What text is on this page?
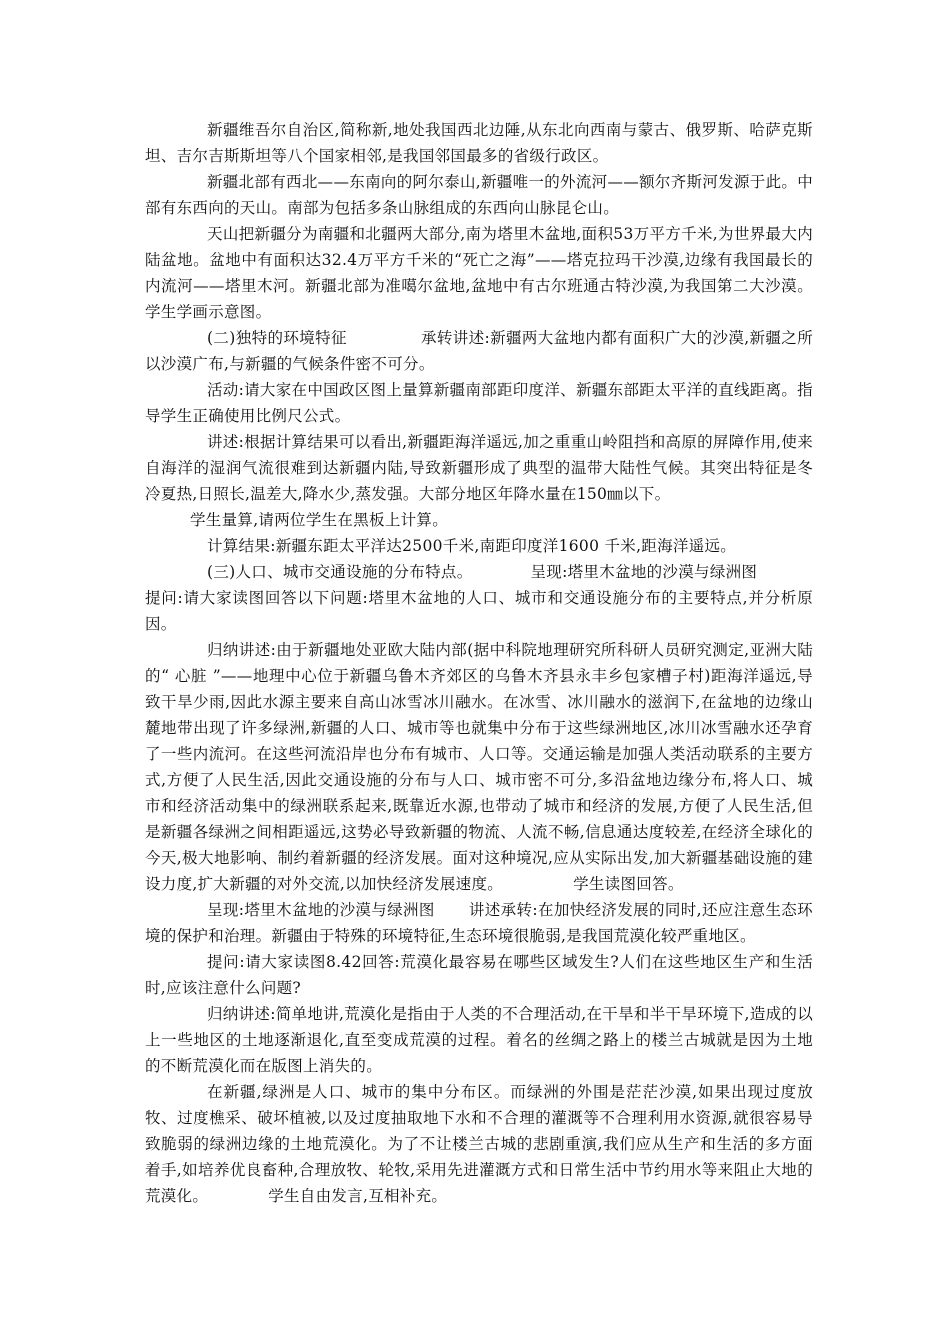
新疆维吾尔自治区,简称新,地处我国西北边陲,从东北向西南与蒙古、俄罗斯、哈萨克斯坦、吉尔吉斯斯坦等八个国家相邻,是我国邻国最多的省级行政区。

新疆北部有西北——东南向的阿尔泰山,新疆唯一的外流河——额尔齐斯河发源于此。中部有东西向的天山。南部为包括多条山脉组成的东西向山脉昆仑山。

天山把新疆分为南疆和北疆两大部分,南为塔里木盆地,面积53万平方千米,为世界最大内陆盆地。盆地中有面积达32.4万平方千米的“死亡之海”——塔克拉玛干沙漠,边缘有我国最长的内流河——塔里木河。新疆北部为准噶尔盆地,盆地中有古尔班通古特沙漠,为我国第二大沙漠。学生学画示意图。

(二)独特的环境特征	承转讲述:新疆两大盆地内都有面积广大的沙漠,新疆之所以沙漠广布,与新疆的气候条件密不可分。

活动:请大家在中国政区图上量算新疆南部距印度洋、新疆东部距太平洋的直线距离。指导学生正确使用比例尺公式。

讲述:根据计算结果可以看出,新疆距海洋遥远,加之重重山岭阻挡和高原的屏障作用,使来自海洋的湿润气流很难到达新疆内陆,导致新疆形成了典型的温带大陆性气候。其突出特征是冬冷夏热,日照长,温差大,降水少,蒸发强。大部分地区年降水量在150㎜以下。

学生量算,请两位学生在黑板上计算。

计算结果:新疆东距太平洋达2500千米,南距印度洋1600 千米,距海洋遥远。

(三)人口、城市交通设施的分布特点。	呈现:塔里木盆地的沙漠与绿洲图

提问:请大家读图回答以下问题:塔里木盆地的人口、城市和交通设施分布的主要特点,并分析原因。

归纳讲述:由于新疆地处亚欧大陆内部(据中科院地理研究所科研人员研究测定,亚洲大陆的“ 心脏 ”——地理中心位于新疆乌鲁木齐郊区的乌鲁木齐县永丰乡包家槽子村)距海洋遥远,导致干旱少雨,因此水源主要来自高山冰雪冰川融水。在冰雪、冰川融水的滋润下,在盆地的边缘山麓地带出现了许多绿洲,新疆的人口、城市等也就集中分布于这些绿洲地区,冰川冰雪融水还孕育了一些内流河。在这些河流沿岸也分布有城市、人口等。交通运输是加强人类活动联系的主要方式,方便了人民生活,因此交通设施的分布与人口、城市密不可分,多沿盆地边缘分布,将人口、城市和经济活动集中的绿洲联系起来,既靠近水源,也带动了城市和经济的发展,方便了人民生活,但是新疆各绿洲之间相距遥远,这势必导致新疆的物流、人流不畅,信息通达度较差,在经济全球化的今天,极大地影响、制约着新疆的经济发展。面对这种境况,应从实际出发,加大新疆基础设施的建设力度,扩大新疆的对外交流,以加快经济发展速度。	学生读图回答。

呈现:塔里木盆地的沙漠与绿洲图 讲述承转:在加快经济发展的同时,还应注意生态环境的保护和治理。新疆由于特殊的环境特征,生态环境很脆弱,是我国荒漠化较严重地区。

提问:请大家读图8.42回答:荒漠化最容易在哪些区域发生?人们在这些地区生产和生活时,应该注意什么问题?

归纳讲述:简单地讲,荒漠化是指由于人类的不合理活动,在干旱和半干旱环境下,造成的以上一些地区的土地逐渐退化,直至变成荒漠的过程。着名的丝绸之路上的楼兰古城就是因为土地的不断荒漠化而在版图上消失的。

在新疆,绿洲是人口、城市的集中分布区。而绿洲的外围是茫茫沙漠,如果出现过度放牧、过度樵采、破坏植被,以及过度抽取地下水和不合理的灌溉等不合理利用水资源,就很容易导致脆弱的绿洲边缘的土地荒漠化。为了不让楼兰古城的悲剧重演,我们应从生产和生活的多方面着手,如培养优良畜种,合理放牧、轮牧,采用先进灌溉方式和日常生活中节约用水等来阻止大地的荒漠化。	学生自由发言,互相补充。
